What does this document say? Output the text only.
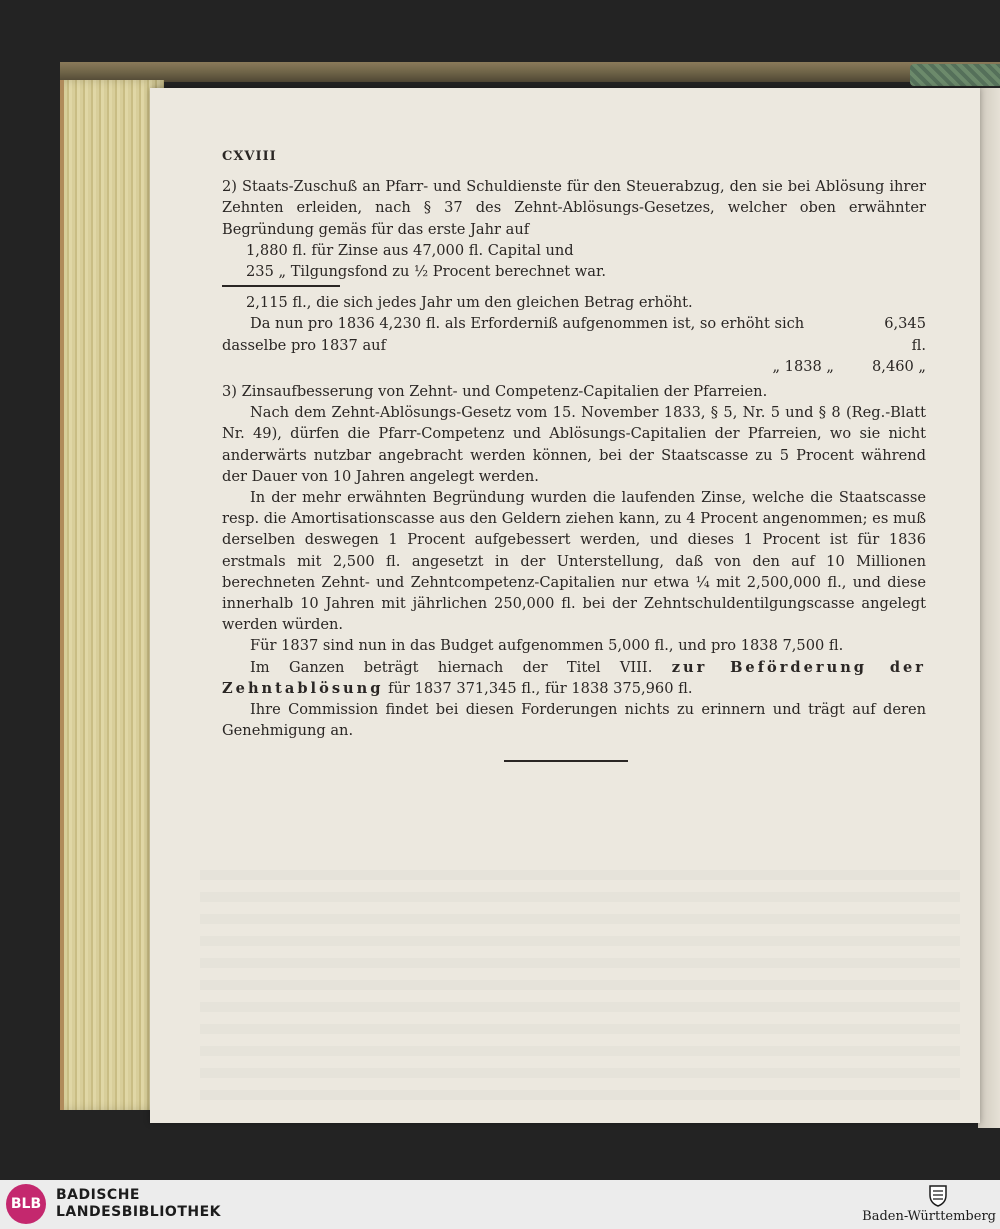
CXVIII

2) Staats-Zuschuß an Pfarr- und Schuldienste für den Steuerabzug, den sie bei Ablösung ihrer Zehnten erleiden, nach § 37 des Zehnt-Ablösungs-Gesetzes, welcher oben erwähnter Begründung gemäs für das erste Jahr auf

1,880 fl. für Zinse aus 47,000 fl. Capital und

235 „ Tilgungsfond zu ½ Procent berechnet war.

2,115 fl., die sich jedes Jahr um den gleichen Betrag erhöht.

Da nun pro 1836 4,230 fl. als Erforderniß aufgenommen ist, so erhöht sich dasselbe pro 1837 auf
6,345 fl.
„ 1838 „	8,460 „

3) Zinsaufbesserung von Zehnt- und Competenz-Capitalien der Pfarreien.

Nach dem Zehnt-Ablösungs-Gesetz vom 15. November 1833, § 5, Nr. 5 und § 8 (Reg.-Blatt Nr. 49), dürfen die Pfarr-Competenz und Ablösungs-Capitalien der Pfarreien, wo sie nicht anderwärts nutzbar angebracht werden können, bei der Staatscasse zu 5 Procent während der Dauer von 10 Jahren angelegt werden.

In der mehr erwähnten Begründung wurden die laufenden Zinse, welche die Staatscasse resp. die Amortisationscasse aus den Geldern ziehen kann, zu 4 Procent angenommen; es muß derselben deswegen 1 Procent aufgebessert werden, und dieses 1 Procent ist für 1836 erstmals mit 2,500 fl. angesetzt in der Unterstellung, daß von den auf 10 Millionen berechneten Zehnt- und Zehntcompetenz-Capitalien nur etwa ¼ mit 2,500,000 fl., und diese innerhalb 10 Jahren mit jährlichen 250,000 fl. bei der Zehntschuldentilgungscasse angelegt werden würden.

Für 1837 sind nun in das Budget aufgenommen 5,000 fl., und pro 1838 7,500 fl.

Im Ganzen beträgt hiernach der Titel VIII. zur Beförderung der Zehntablösung für 1837 371,345 fl., für 1838 375,960 fl.

Ihre Commission findet bei diesen Forderungen nichts zu erinnern und trägt auf deren Genehmigung an.

BLB
BADISCHE
LANDESBIBLIOTHEK	Baden-Württemberg
